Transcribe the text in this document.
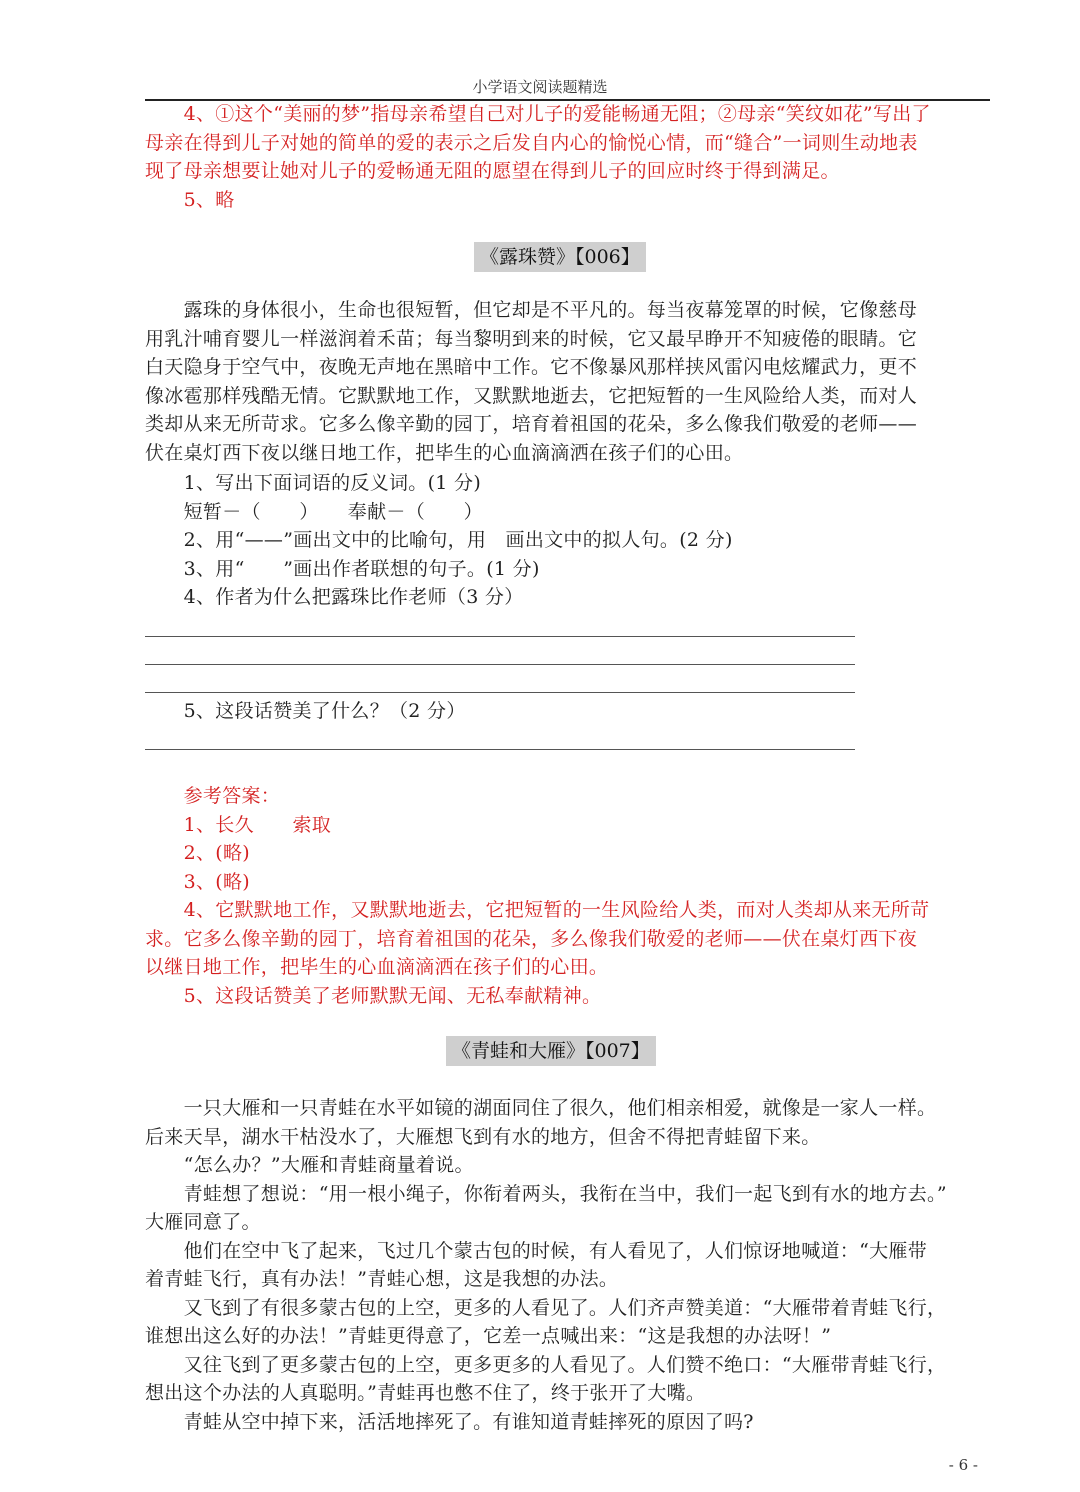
小学语文阅读题精选
　　4、①这个“美丽的梦”指母亲希望自己对儿子的爱能畅通无阻；②母亲“笑纹如花”写出了
母亲在得到儿子对她的简单的爱的表示之后发自内心的愉悦心情，而“缝合”一词则生动地表
现了母亲想要让她对儿子的爱畅通无阻的愿望在得到儿子的回应时终于得到满足。
　　5、略
《露珠赞》【006】
　　露珠的身体很小，生命也很短暂，但它却是不平凡的。每当夜幕笼罩的时候，它像慈母
用乳汁哺育婴儿一样滋润着禾苗；每当黎明到来的时候，它又最早睁开不知疲倦的眼睛。它
白天隐身于空气中，夜晚无声地在黑暗中工作。它不像暴风那样挟风雷闪电炫耀武力，更不
像冰雹那样残酷无情。它默默地工作，又默默地逝去，它把短暂的一生风险给人类，而对人
类却从来无所苛求。它多么像辛勤的园丁，培育着祖国的花朵，多么像我们敬爱的老师——
伏在桌灯西下夜以继日地工作，把毕生的心血滴滴洒在孩子们的心田。
　　1、写出下面词语的反义词。(1 分)
　　短暂－（　　）　　奉献－（　　）
　　2、用“——”画出文中的比喻句，用　画出文中的拟人句。(2 分)
　　3、用“　　”画出作者联想的句子。(1 分)
　　4、作者为什么把露珠比作老师（3 分）
　　5、这段话赞美了什么？（2 分）
　　参考答案：
　　1、长久　　索取
　　2、(略)
　　3、(略)
　　4、它默默地工作，又默默地逝去，它把短暂的一生风险给人类，而对人类却从来无所苛
求。它多么像辛勤的园丁，培育着祖国的花朵，多么像我们敬爱的老师——伏在桌灯西下夜
以继日地工作，把毕生的心血滴滴洒在孩子们的心田。
　　5、这段话赞美了老师默默无闻、无私奉献精神。
《青蛙和大雁》【007】
　　一只大雁和一只青蛙在水平如镜的湖面同住了很久，他们相亲相爱，就像是一家人一样。
后来天旱，湖水干枯没水了，大雁想飞到有水的地方，但舍不得把青蛙留下来。
　　“怎么办？”大雁和青蛙商量着说。
　　青蛙想了想说：“用一根小绳子，你衔着两头，我衔在当中，我们一起飞到有水的地方去。”
大雁同意了。
　　他们在空中飞了起来，飞过几个蒙古包的时候，有人看见了，人们惊讶地喊道：“大雁带
着青蛙飞行，真有办法！”青蛙心想，这是我想的办法。
　　又飞到了有很多蒙古包的上空，更多的人看见了。人们齐声赞美道：“大雁带着青蛙飞行，
谁想出这么好的办法！”青蛙更得意了，它差一点喊出来：“这是我想的办法呀！”
　　又往飞到了更多蒙古包的上空，更多更多的人看见了。人们赞不绝口：“大雁带青蛙飞行，
想出这个办法的人真聪明。”青蛙再也憋不住了，终于张开了大嘴。
　　青蛙从空中掉下来，活活地摔死了。有谁知道青蛙摔死的原因了吗?
- 6 -
